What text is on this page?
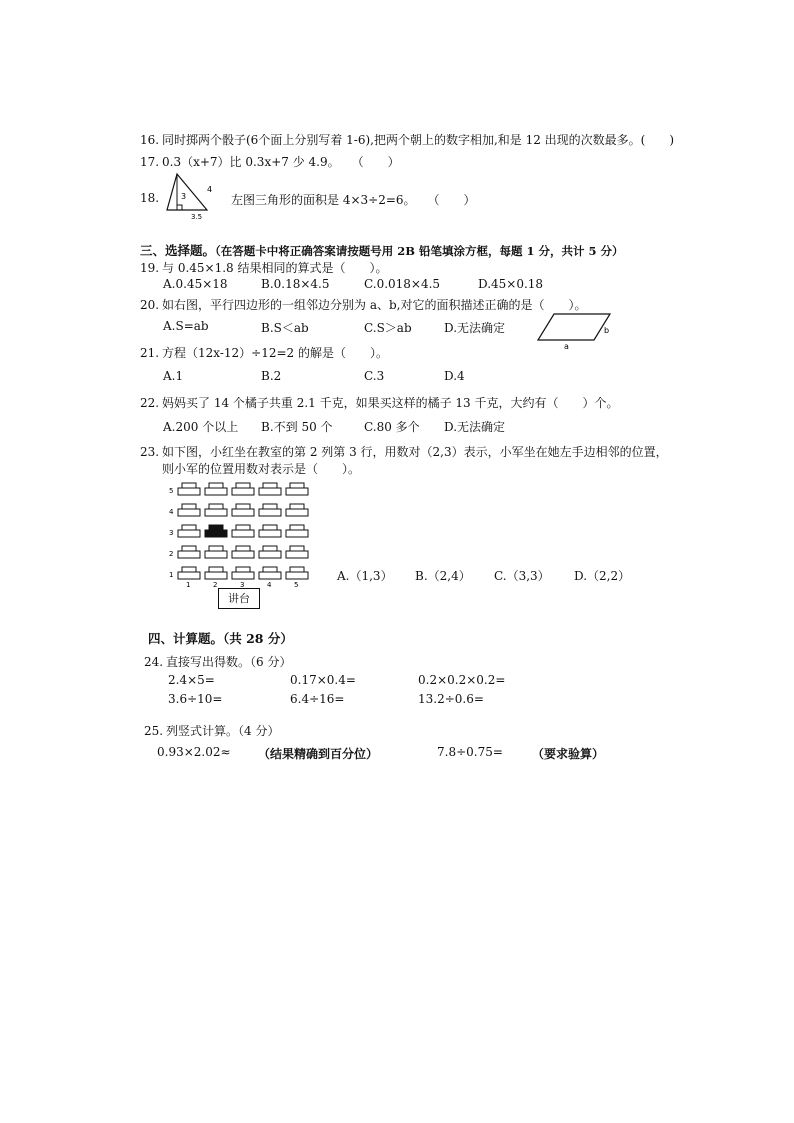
16. 同时掷两个骰子(6个面上分别写着 1-6),把两个朝上的数字相加,和是 12 出现的次数最多。(　　)
17. 0.3（x+7）比 0.3x+7 少 4.9。　　（　　）
18.	3
4
3.5
左图三角形的面积是 4×3÷2=6。　　（　　）
三、选择题。（在答题卡中将正确答案请按题号用 2B 铅笔填涂方框，每题 1 分，共计 5 分）
19. 与 0.45×1.8 结果相同的算式是（　　）。
A.0.45×18	B.0.18×4.5	C.0.018×4.5	D.45×0.18
20. 如右图，平行四边形的一组邻边分别为 a、b,对它的面积描述正确的是（　　）。
A.S=ab	B.S＜ab	C.S＞ab	D.无法确定	b
a
21. 方程（12x-12）÷12=2 的解是（　　）。
A.1	B.2	C.3	D.4
22. 妈妈买了 14 个橘子共重 2.1 千克，如果买这样的橘子 13 千克，大约有（　　）个。
A.200 个以上 B.不到 50 个	C.80 多个 D.无法确定
23. 如下图，小红坐在教室的第 2 列第 3 行，用数对（2,3）表示，小军坐在她左手边相邻的位置，
则小军的位置用数对表示是（　　）。
5
4
3
2
1
1	2	3	4	5
讲台
A.（1,3） B.（2,4） C.（3,3） D.（2,2）
四、计算题。（共 28 分）
24. 直接写出得数。（6 分）
2.4×5=	0.17×0.4=	0.2×0.2×0.2=
3.6÷10=	6.4÷16=	13.2÷0.6=
25. 列竖式计算。（4 分）
0.93×2.02≈ （结果精确到百分位）	7.8÷0.75= （要求验算）
